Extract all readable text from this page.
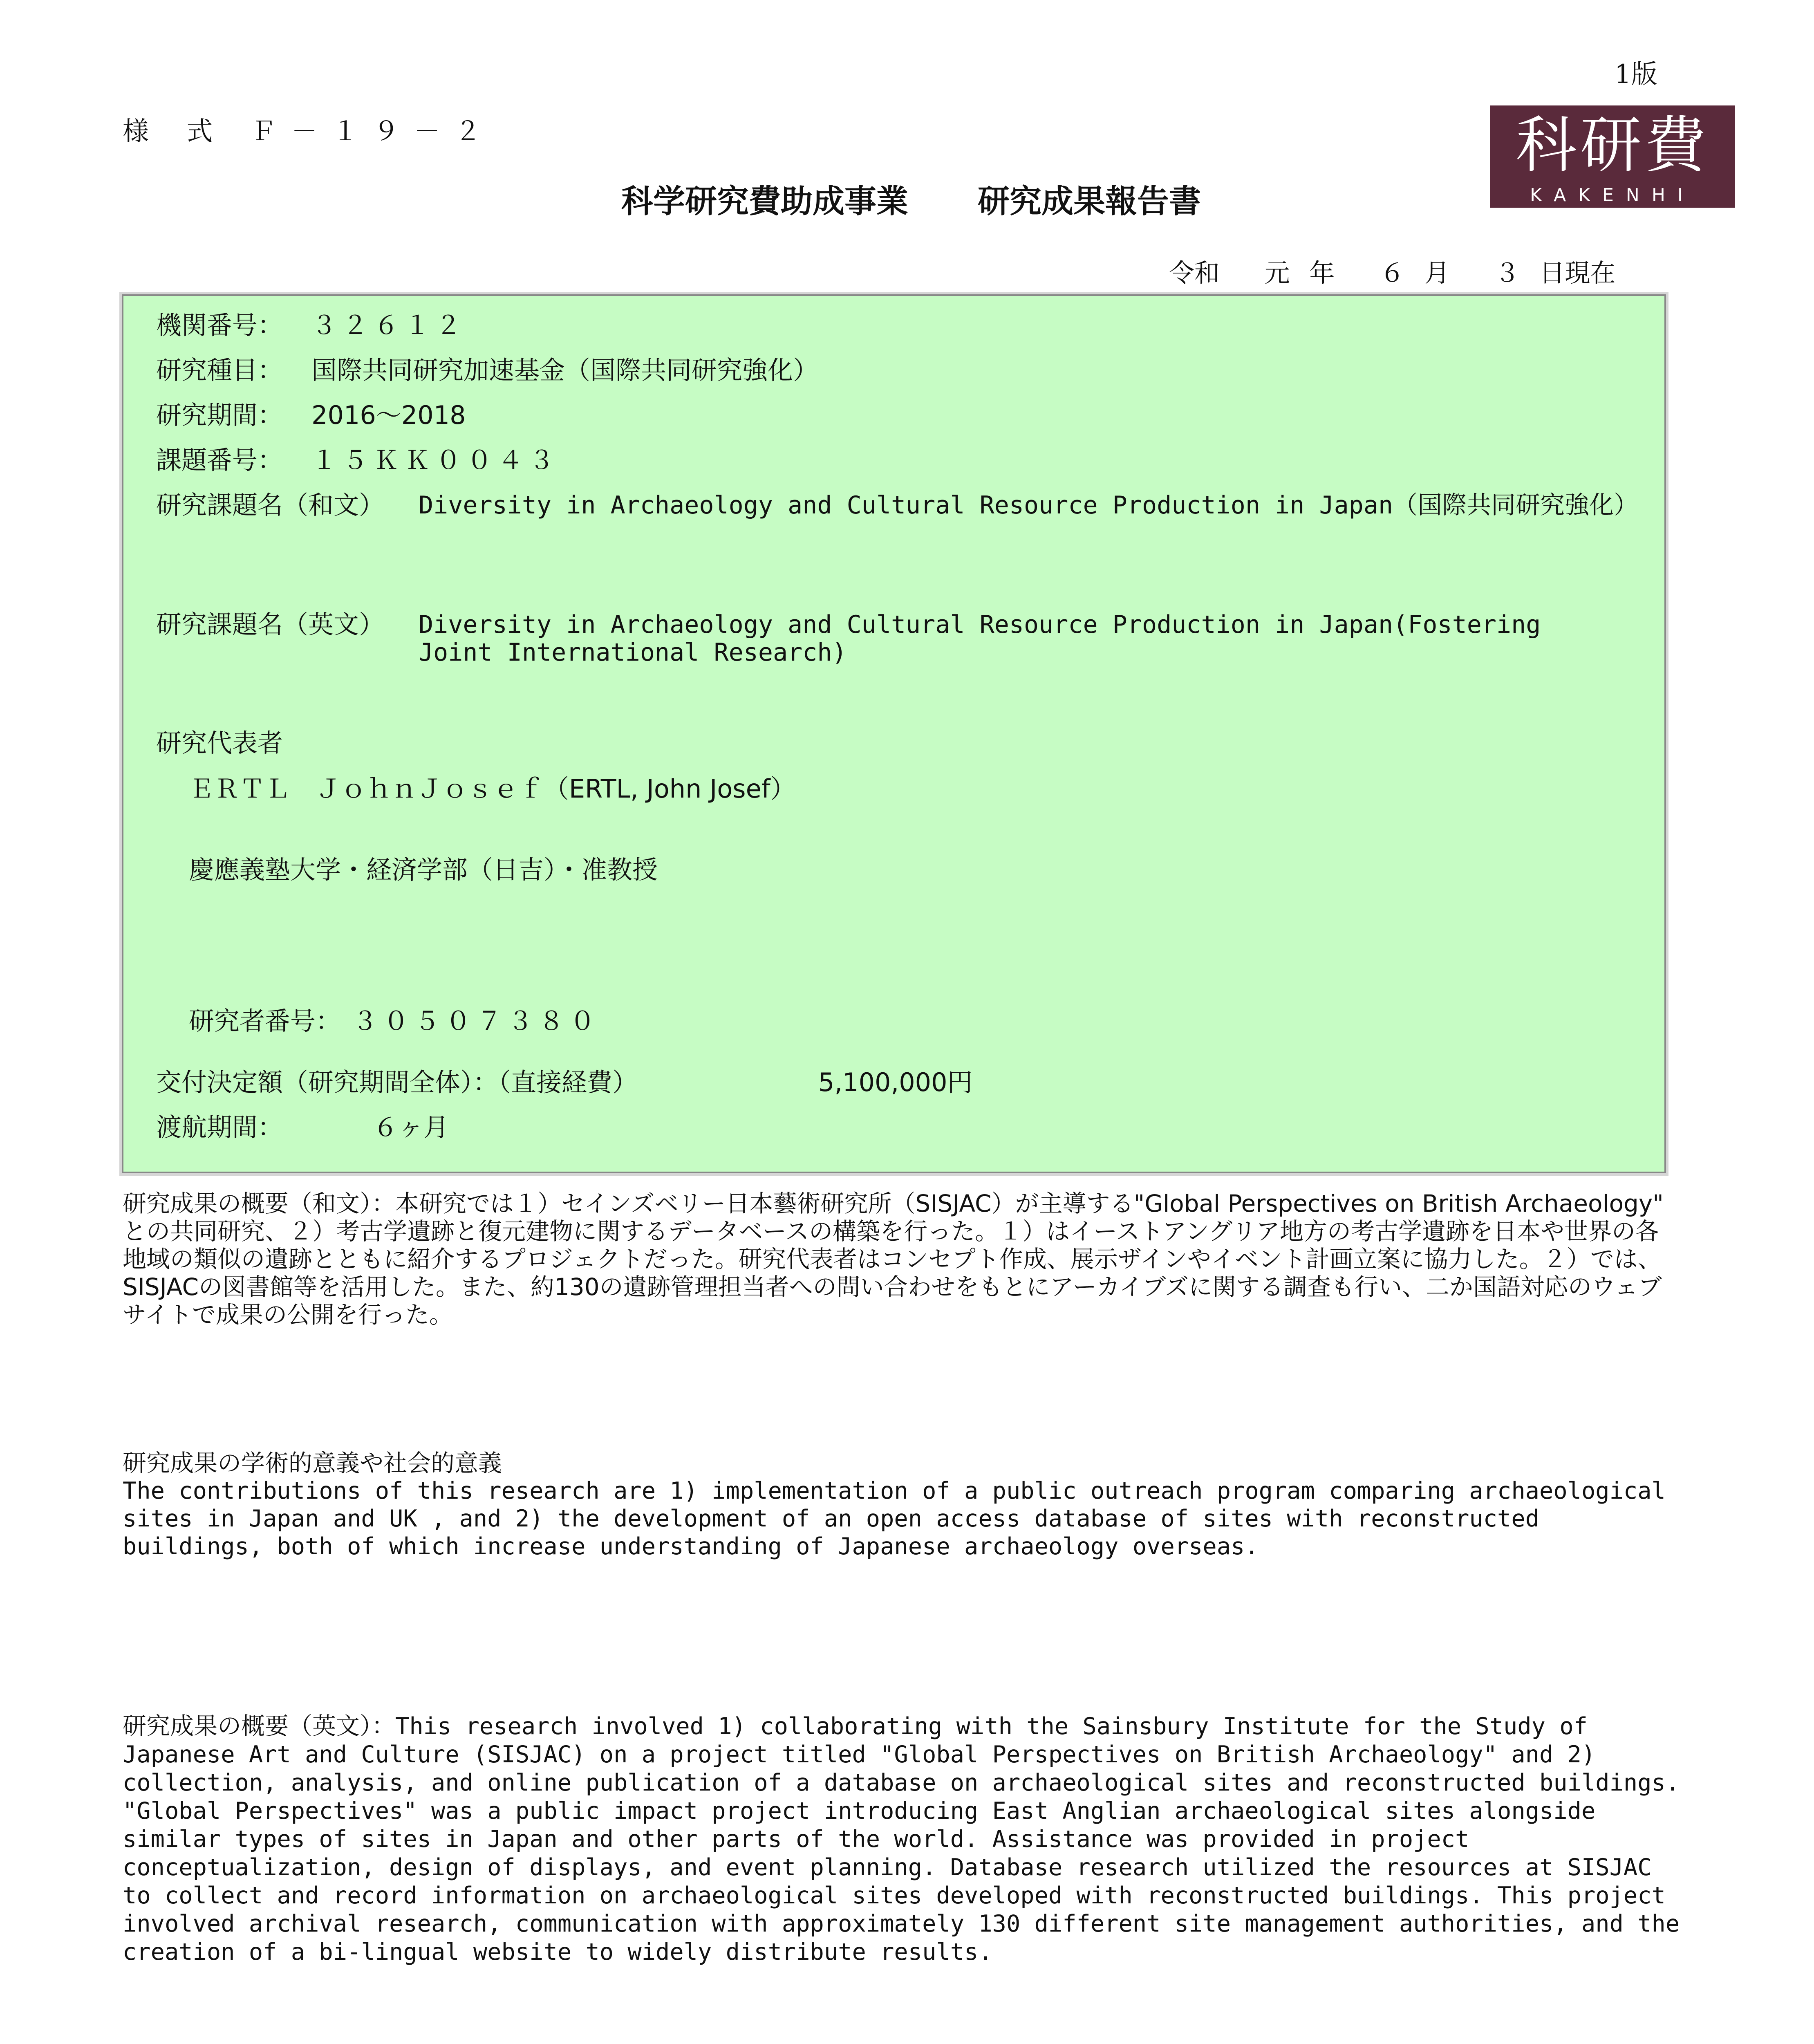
1版
様 式 Ｆ－１９－２	科研費
KAKENHI
科学研究費助成事業 研究成果報告書
令和　 元 年　 ６ 月　 ３ 日現在
機関番号： ３２６１２
研究種目： 国際共同研究加速基金（国際共同研究強化）
研究期間： 2016～2018
課題番号： １５ＫＫ００４３
研究課題名（和文） Diversity in Archaeology and Cultural Resource Production in Japan（国際共同研究強化）
研究課題名（英文） Diversity in Archaeology and Cultural Resource Production in Japan(Fostering Joint International Research)
研究代表者
ＥＲＴＬ　ＪｏｈｎＪｏｓｅｆ（ERTL, John Josef）
慶應義塾大学・経済学部（日吉）・准教授
研究者番号： ３０５０７３８０
交付決定額（研究期間全体）：（直接経費）	5,100,000円
渡航期間：	６ヶ月
研究成果の概要（和文）：本研究では１）セインズベリー日本藝術研究所（SISJAC）が主導する"Global Perspectives on British Archaeology" との共同研究、２）考古学遺跡と復元建物に関するデータベースの構築を行った。１）はイーストアングリア地方の考古学遺跡を日本や世界の各地域の類似の遺跡とともに紹介するプロジェクトだった。研究代表者はコンセプト作成、展示ザインやイベント計画立案に協力した。２）では、SISJACの図書館等を活用した。また、約130の遺跡管理担当者への問い合わせをもとにアーカイブズに関する調査も行い、二か国語対応のウェブサイトで成果の公開を行った。
研究成果の学術的意義や社会的意義
The contributions of this research are 1) implementation of a public outreach program comparing archaeological sites in Japan and UK , and 2) the development of an open access database of sites with reconstructed buildings, both of which increase understanding of Japanese archaeology overseas.
研究成果の概要（英文）：This research involved 1) collaborating with the Sainsbury Institute for the Study of Japanese Art and Culture (SISJAC) on a project titled "Global Perspectives on British Archaeology" and 2) collection, analysis, and online publication of a database on archaeological sites and reconstructed buildings. "Global Perspectives" was a public impact project introducing East Anglian archaeological sites alongside similar types of sites in Japan and other parts of the world. Assistance was provided in project conceptualization, design of displays, and event planning. Database research utilized the resources at SISJAC to collect and record information on archaeological sites developed with reconstructed buildings. This project involved archival research, communication with approximately 130 different site management authorities, and the creation of a bi-lingual website to widely distribute results.
